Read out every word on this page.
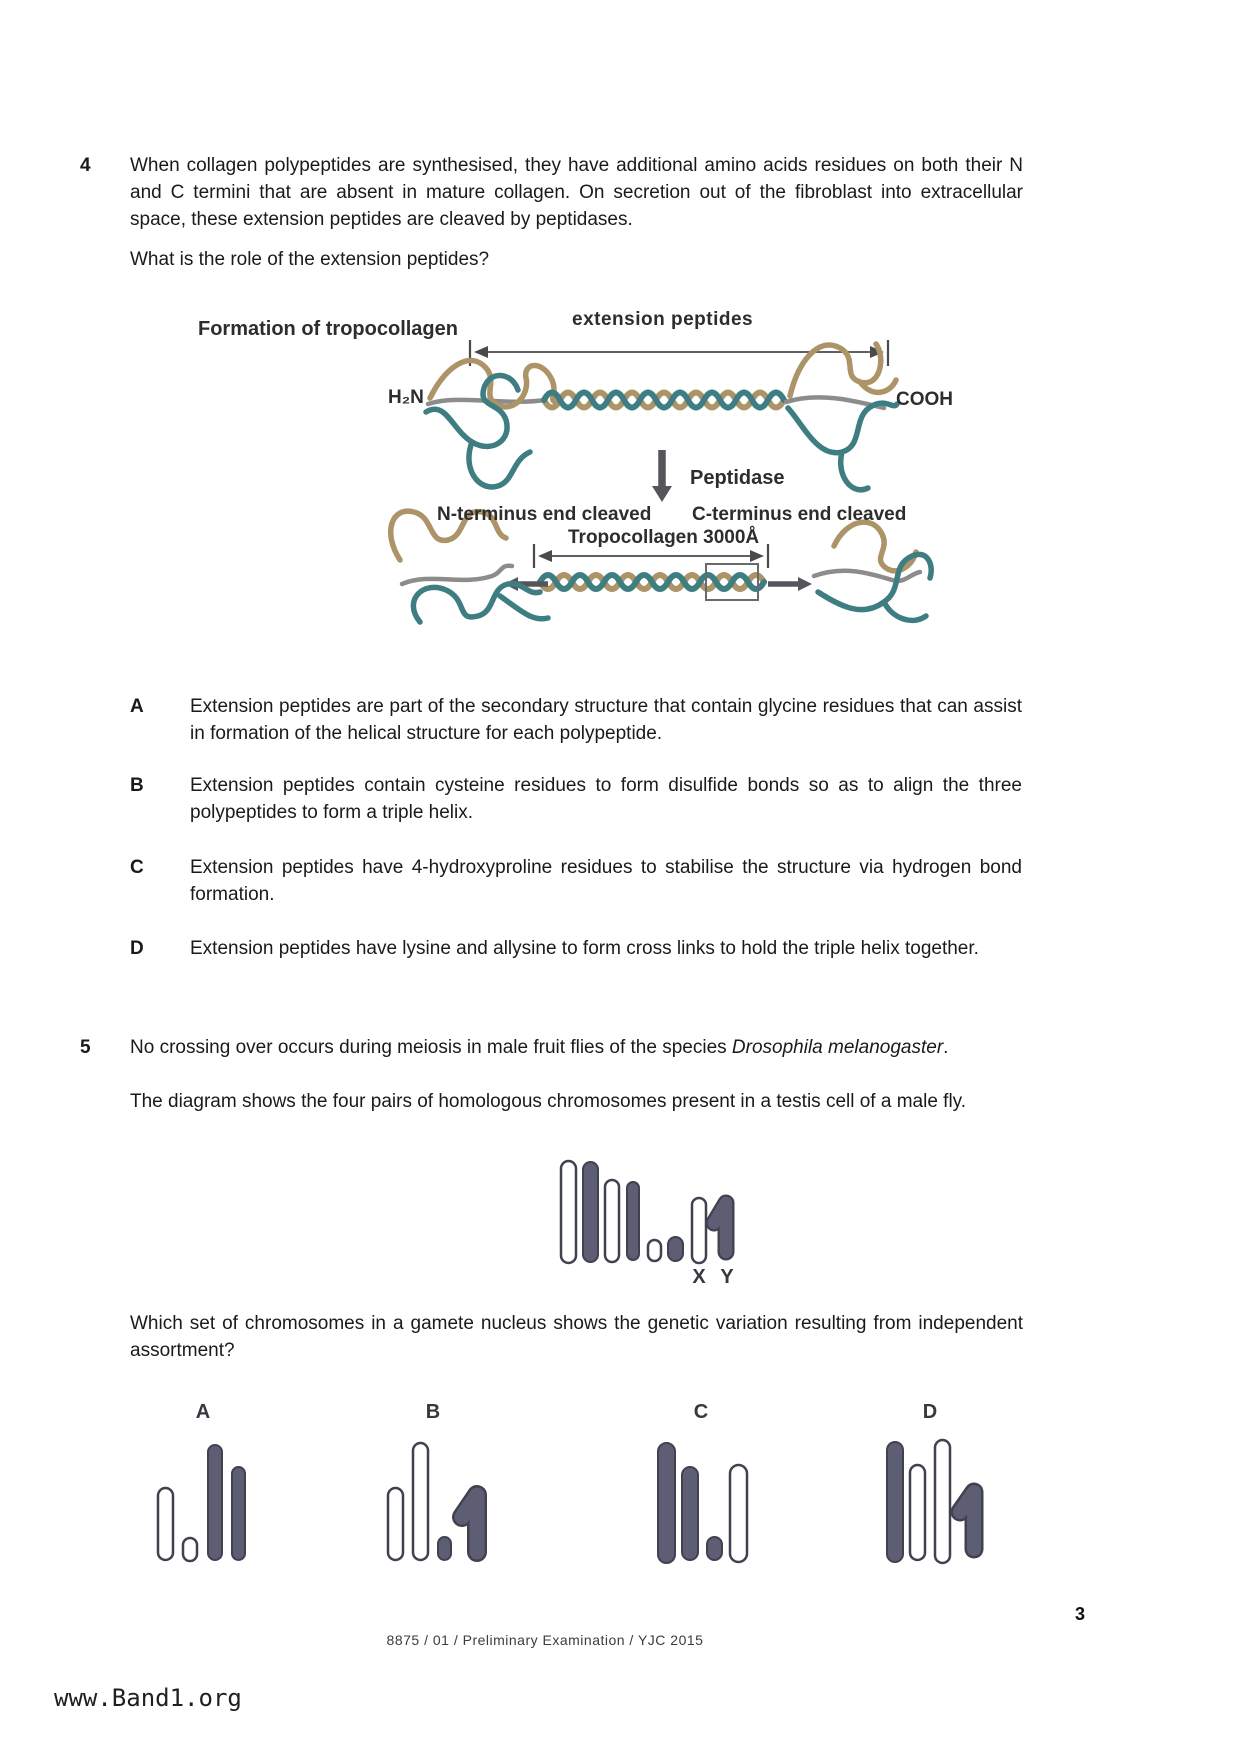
4 When collagen polypeptides are synthesised, they have additional amino acids residues on both their N and C termini that are absent in mature collagen. On secretion out of the fibroblast into extracellular space, these extension peptides are cleaved by peptidases.
What is the role of the extension peptides?
Formation of tropocollagen	extension peptides
H₂N	COOH
Peptidase
N-terminus end cleaved C-terminus end cleaved
Tropocollagen 3000Å
A Extension peptides are part of the secondary structure that contain glycine residues that can assist in formation of the helical structure for each polypeptide.
B Extension peptides contain cysteine residues to form disulfide bonds so as to align the three polypeptides to form a triple helix.
C Extension peptides have 4-hydroxyproline residues to stabilise the structure via hydrogen bond formation.
D Extension peptides have lysine and allysine to form cross links to hold the triple helix together.
5 No crossing over occurs during meiosis in male fruit flies of the species Drosophila melanogaster.
The diagram shows the four pairs of homologous chromosomes present in a testis cell of a male fly.
X Y
Which set of chromosomes in a gamete nucleus shows the genetic variation resulting from independent assortment?
A	B	C	D
3
8875 / 01 / Preliminary Examination / YJC 2015
www.Band1.org
